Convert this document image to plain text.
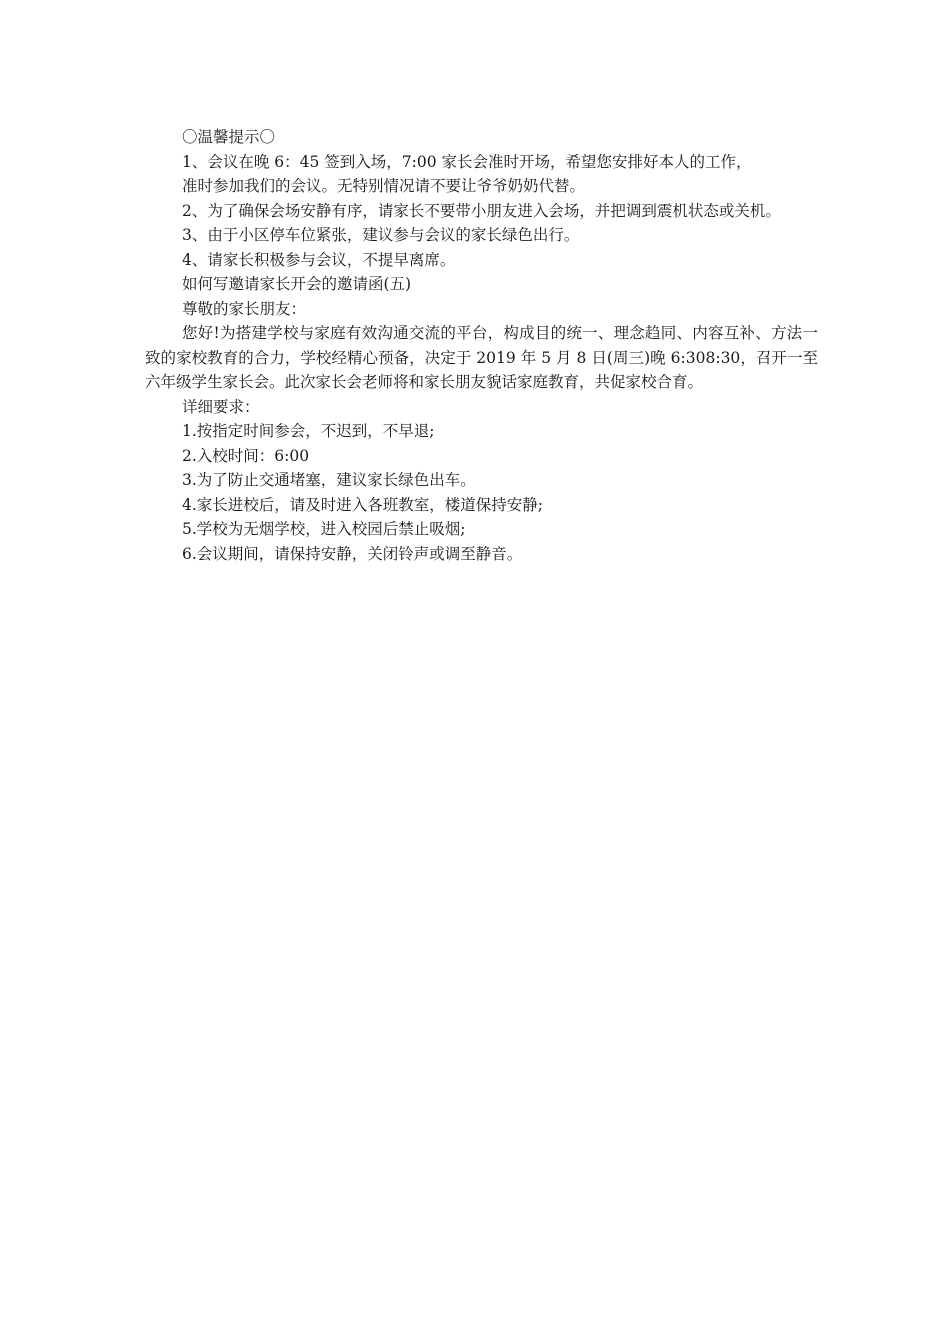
〇温馨提示〇

1、会议在晚 6：45 签到入场，7:00 家长会准时开场，希望您安排好本人的工作，

准时参加我们的会议。无特别情况请不要让爷爷奶奶代替。

2、为了确保会场安静有序，请家长不要带小朋友进入会场，并把调到震机状态或关机。

3、由于小区停车位紧张，建议参与会议的家长绿色出行。

4、请家长积极参与会议，不提早离席。

如何写邀请家长开会的邀请函(五)

尊敬的家长朋友：

您好!为搭建学校与家庭有效沟通交流的平台，构成目的统一、理念趋同、内容互补、方法一致的家校教育的合力，学校经精心预备，决定于 2019 年 5 月 8 日(周三)晚 6:308:30，召开一至六年级学生家长会。此次家长会老师将和家长朋友貌话家庭教育，共促家校合育。

详细要求：

1.按指定时间参会，不迟到，不早退;

2.入校时间：6:00

3.为了防止交通堵塞，建议家长绿色出车。

4.家长进校后，请及时进入各班教室，楼道保持安静;

5.学校为无烟学校，进入校园后禁止吸烟;

6.会议期间，请保持安静，关闭铃声或调至静音。
